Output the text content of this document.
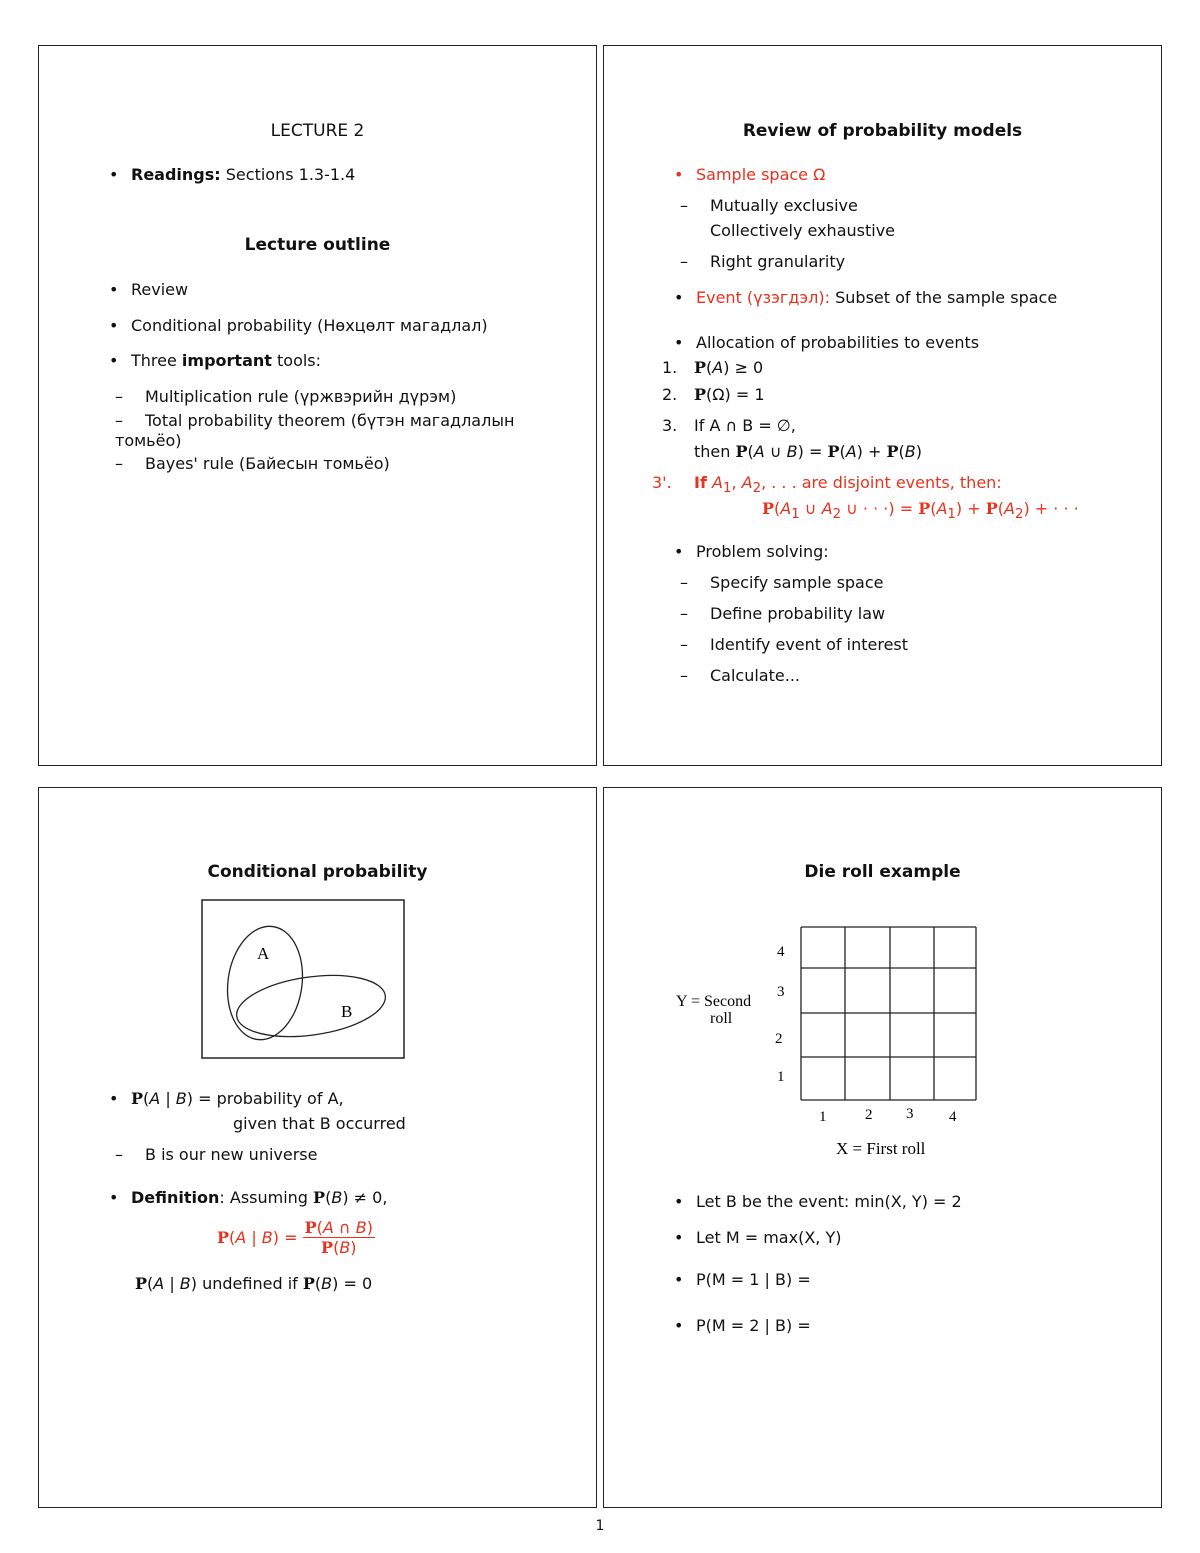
LECTURE 2
• Readings: Sections 1.3-1.4
Lecture outline
• Review
• Conditional probability (Нөхцөлт магадлал)
• Three important tools:
– Multiplication rule (үржвэрийн дүрэм)
– Total probability theorem (бүтэн магадлалын
томьёо)
– Bayes' rule (Байесын томьёо)
Review of probability models
• Sample space Ω
– Mutually exclusive
Collectively exhaustive
– Right granularity
• Event (үзэгдэл): Subset of the sample space
• Allocation of probabilities to events
1. P(A) ≥ 0
2. P(Ω) = 1
3. If A ∩ B = ∅,
then P(A ∪ B) = P(A) + P(B)
3'. If $A_1$, $A_2$, . . . are disjoint events, then:
$P(A_1$ ∪ $A_2$ ∪ · · ·) = $P(A_1) + P(A_2)$ + · · ·
• Problem solving:
– Specify sample space
– Define probability law
– Identify event of interest
– Calculate...
Conditional probability
A
B
• P(A | B) = probability of A,
given that B occurred
– B is our new universe
• Definition: Assuming P(B) ≠ 0,
P(A | $B) = \frac{P(A \cap B)}{P(B)}$
P(A | B) undefined if P(B) = 0
Die roll example
4
3
2
1
1	2 3 4
Y = Second
roll
X = First roll
• Let B be the event: min(X, Y) = 2
• Let M = max(X, Y)
• P(M = 1 | B) =
• P(M = 2 | B) =
1
